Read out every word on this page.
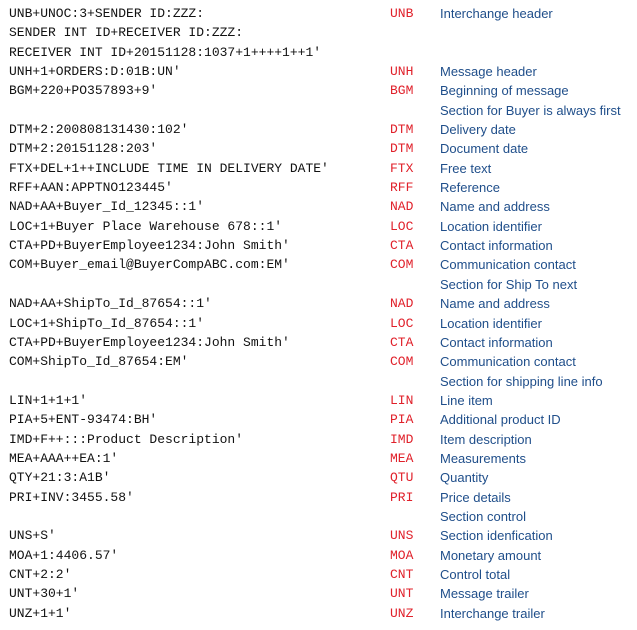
UNB+UNOC:3+SENDER ID:ZZZ:	UNB Interchange header
SENDER INT ID+RECEIVER ID:ZZZ:
RECEIVER INT ID+20151128:1037+1++++1++1'
UNH+1+ORDERS:D:01B:UN'	UNH Message header
BGM+220+PO357893+9'	BGM Beginning of message
Section for Buyer is always first
DTM+2:200808131430:102'	DTM Delivery date
DTM+2:20151128:203'	DTM Document date
FTX+DEL+1++INCLUDE TIME IN DELIVERY DATE'	FTX Free text
RFF+AAN:APPTNO123445'	RFF Reference
NAD+AA+Buyer_Id_12345::1'	NAD Name and address
LOC+1+Buyer Place Warehouse 678::1'	LOC Location identifier
CTA+PD+BuyerEmployee1234:John Smith'	CTA Contact information
COM+Buyer_email@BuyerCompABC.com:EM'	COM Communication contact
Section for Ship To next
NAD+AA+ShipTo_Id_87654::1'	NAD Name and address
LOC+1+ShipTo_Id_87654::1'	LOC Location identifier
CTA+PD+BuyerEmployee1234:John Smith'	CTA Contact information
COM+ShipTo_Id_87654:EM'	COM Communication contact
Section for shipping line info
LIN+1+1+1'	LIN Line item
PIA+5+ENT-93474:BH'	PIA Additional product ID
IMD+F++:::Product Description'	IMD Item description
MEA+AAA++EA:1'	MEA Measurements
QTY+21:3:A1B'	QTU Quantity
PRI+INV:3455.58'	PRI Price details
Section control
UNS+S'	UNS Section idenfication
MOA+1:4406.57'	MOA Monetary amount
CNT+2:2'	CNT Control total
UNT+30+1'	UNT Message trailer
UNZ+1+1'	UNZ Interchange trailer
